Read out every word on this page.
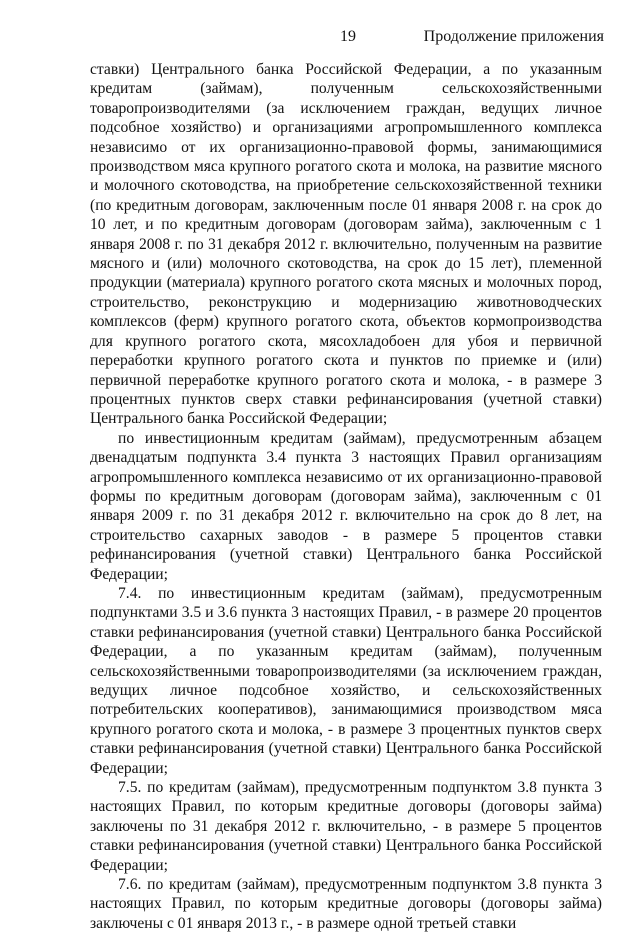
19	Продолжение приложения

ставки) Центрального банка Российской Федерации, а по указанным кредитам (займам), полученным сельскохозяйственными товаропроизводителями (за исключением граждан, ведущих личное подсобное хозяйство) и организациями агропромышленного комплекса независимо от их организационно-правовой формы, занимающимися производством мяса крупного рогатого скота и молока, на развитие мясного и молочного скотоводства, на приобретение сельскохозяйственной техники (по кредитным договорам, заключенным после 01 января 2008 г. на срок до 10 лет, и по кредитным договорам (договорам займа), заключенным с 1 января 2008 г. по 31 декабря 2012 г. включительно, полученным на развитие мясного и (или) молочного скотоводства, на срок до 15 лет), племенной продукции (материала) крупного рогатого скота мясных и молочных пород, строительство, реконструкцию и модернизацию животноводческих комплексов (ферм) крупного рогатого скота, объектов кормопроизводства для крупного рогатого скота, мясохладобоен для убоя и первичной переработки крупного рогатого скота и пунктов по приемке и (или) первичной переработке крупного рогатого скота и молока, - в размере 3 процентных пунктов сверх ставки рефинансирования (учетной ставки) Центрального банка Российской Федерации;

по инвестиционным кредитам (займам), предусмотренным абзацем двенадцатым подпункта 3.4 пункта 3 настоящих Правил организациям агропромышленного комплекса независимо от их организационно-правовой формы по кредитным договорам (договорам займа), заключенным с 01 января 2009 г. по 31 декабря 2012 г. включительно на срок до 8 лет, на строительство сахарных заводов - в размере 5 процентов ставки рефинансирования (учетной ставки) Центрального банка Российской Федерации;

7.4. по инвестиционным кредитам (займам), предусмотренным подпунктами 3.5 и 3.6 пункта 3 настоящих Правил, - в размере 20 процентов ставки рефинансирования (учетной ставки) Центрального банка Российской Федерации, а по указанным кредитам (займам), полученным сельскохозяйственными товаропроизводителями (за исключением граждан, ведущих личное подсобное хозяйство, и сельскохозяйственных потребительских кооперативов), занимающимися производством мяса крупного рогатого скота и молока, - в размере 3 процентных пунктов сверх ставки рефинансирования (учетной ставки) Центрального банка Российской Федерации;

7.5. по кредитам (займам), предусмотренным подпунктом 3.8 пункта 3 настоящих Правил, по которым кредитные договоры (договоры займа) заключены по 31 декабря 2012 г. включительно, - в размере 5 процентов ставки рефинансирования (учетной ставки) Центрального банка Российской Федерации;

7.6. по кредитам (займам), предусмотренным подпунктом 3.8 пункта 3 настоящих Правил, по которым кредитные договоры (договоры займа) заключены с 01 января 2013 г., - в размере одной третьей ставки
